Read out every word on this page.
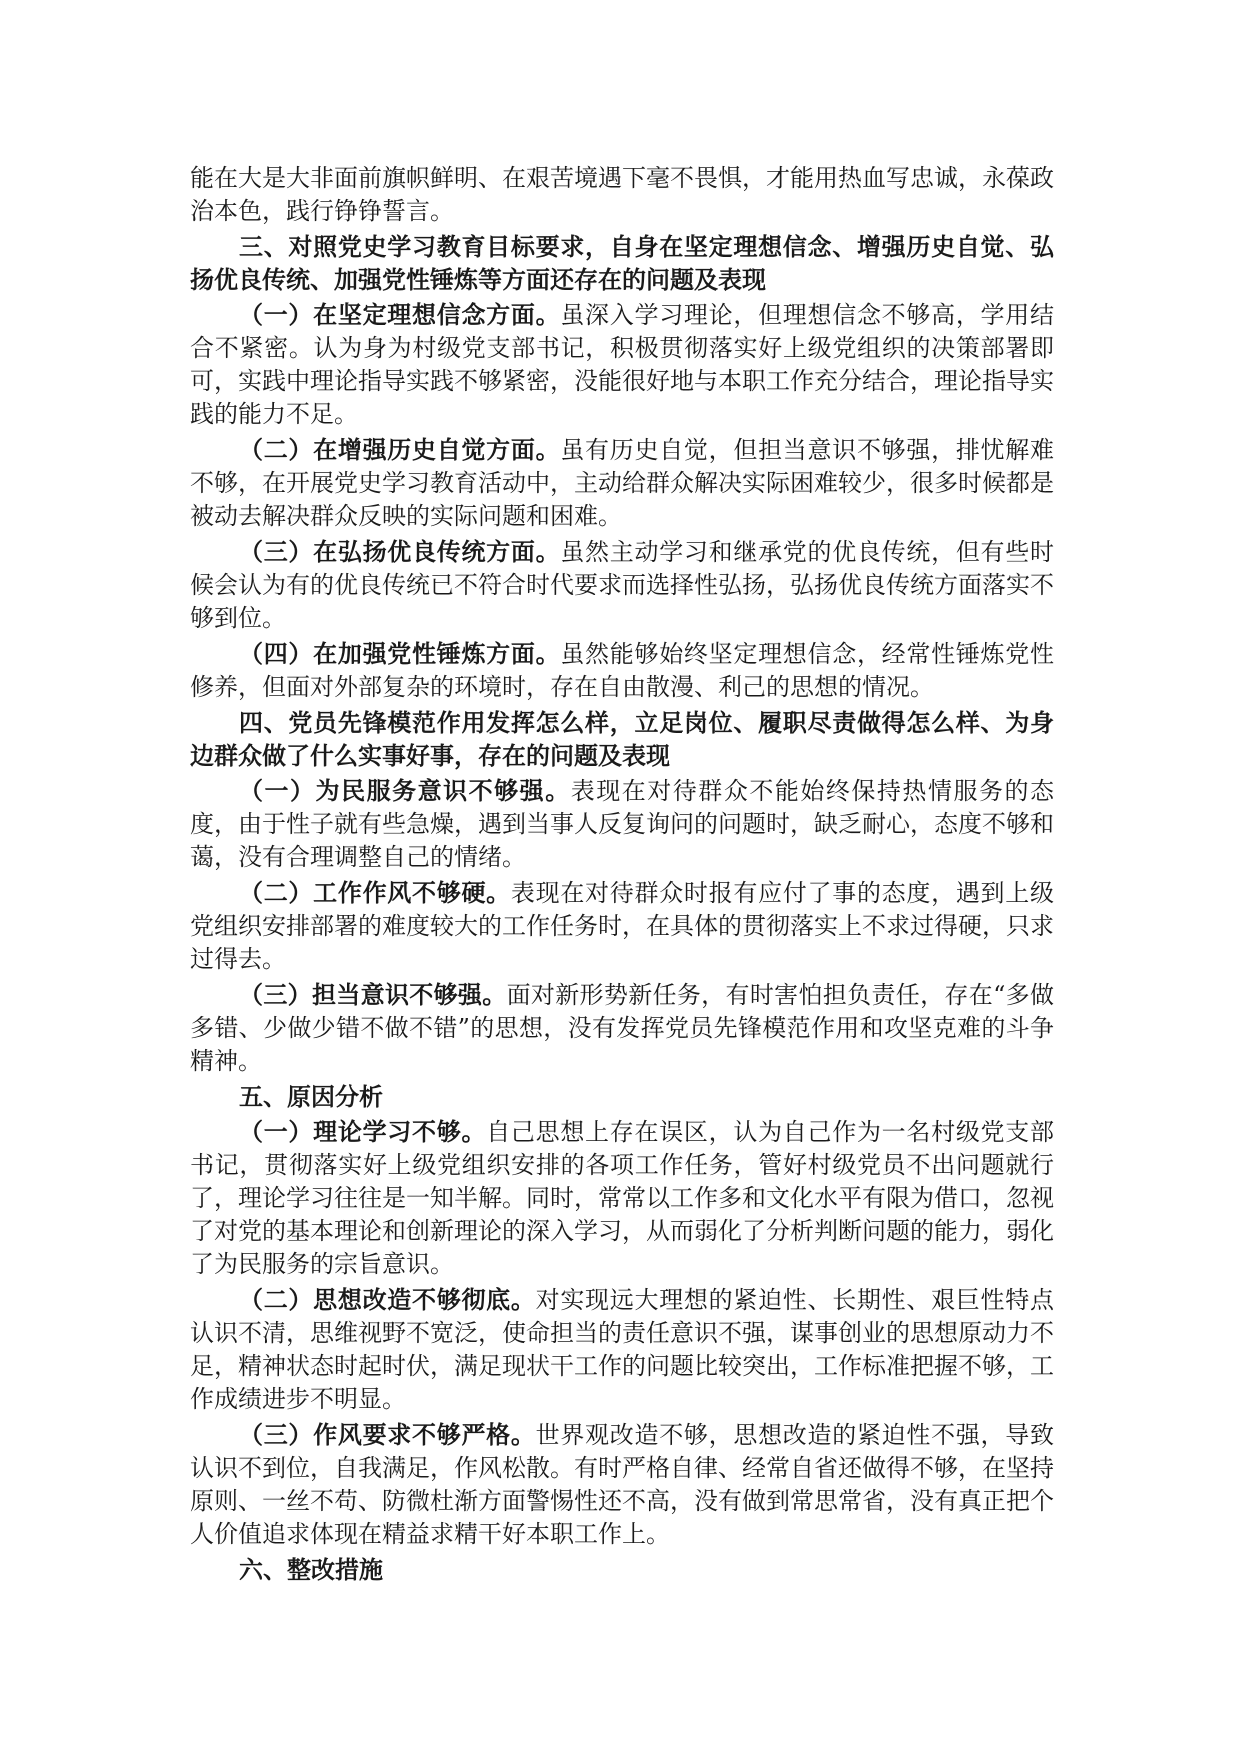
能在大是大非面前旗帜鲜明、在艰苦境遇下毫不畏惧，才能用热血写忠诚，永葆政治本色，践行铮铮誓言。

三、对照党史学习教育目标要求，自身在坚定理想信念、增强历史自觉、弘扬优良传统、加强党性锤炼等方面还存在的问题及表现

（一）在坚定理想信念方面。虽深入学习理论，但理想信念不够高，学用结合不紧密。认为身为村级党支部书记，积极贯彻落实好上级党组织的决策部署即可，实践中理论指导实践不够紧密，没能很好地与本职工作充分结合，理论指导实践的能力不足。

（二）在增强历史自觉方面。虽有历史自觉，但担当意识不够强，排忧解难不够，在开展党史学习教育活动中，主动给群众解决实际困难较少，很多时候都是被动去解决群众反映的实际问题和困难。

（三）在弘扬优良传统方面。虽然主动学习和继承党的优良传统，但有些时候会认为有的优良传统已不符合时代要求而选择性弘扬，弘扬优良传统方面落实不够到位。

（四）在加强党性锤炼方面。虽然能够始终坚定理想信念，经常性锤炼党性修养，但面对外部复杂的环境时，存在自由散漫、利己的思想的情况。

四、党员先锋模范作用发挥怎么样，立足岗位、履职尽责做得怎么样、为身边群众做了什么实事好事，存在的问题及表现

（一）为民服务意识不够强。表现在对待群众不能始终保持热情服务的态度，由于性子就有些急燥，遇到当事人反复询问的问题时，缺乏耐心，态度不够和蔼，没有合理调整自己的情绪。

（二）工作作风不够硬。表现在对待群众时报有应付了事的态度，遇到上级党组织安排部署的难度较大的工作任务时，在具体的贯彻落实上不求过得硬，只求过得去。

（三）担当意识不够强。面对新形势新任务，有时害怕担负责任，存在“多做多错、少做少错不做不错”的思想，没有发挥党员先锋模范作用和攻坚克难的斗争精神。

五、原因分析

（一）理论学习不够。自己思想上存在误区，认为自己作为一名村级党支部书记，贯彻落实好上级党组织安排的各项工作任务，管好村级党员不出问题就行了，理论学习往往是一知半解。同时，常常以工作多和文化水平有限为借口，忽视了对党的基本理论和创新理论的深入学习，从而弱化了分析判断问题的能力，弱化了为民服务的宗旨意识。

（二）思想改造不够彻底。对实现远大理想的紧迫性、长期性、艰巨性特点认识不清，思维视野不宽泛，使命担当的责任意识不强，谋事创业的思想原动力不足，精神状态时起时伏，满足现状干工作的问题比较突出，工作标准把握不够，工作成绩进步不明显。

（三）作风要求不够严格。世界观改造不够，思想改造的紧迫性不强，导致认识不到位，自我满足，作风松散。有时严格自律、经常自省还做得不够，在坚持原则、一丝不苟、防微杜渐方面警惕性还不高，没有做到常思常省，没有真正把个人价值追求体现在精益求精干好本职工作上。

六、整改措施
